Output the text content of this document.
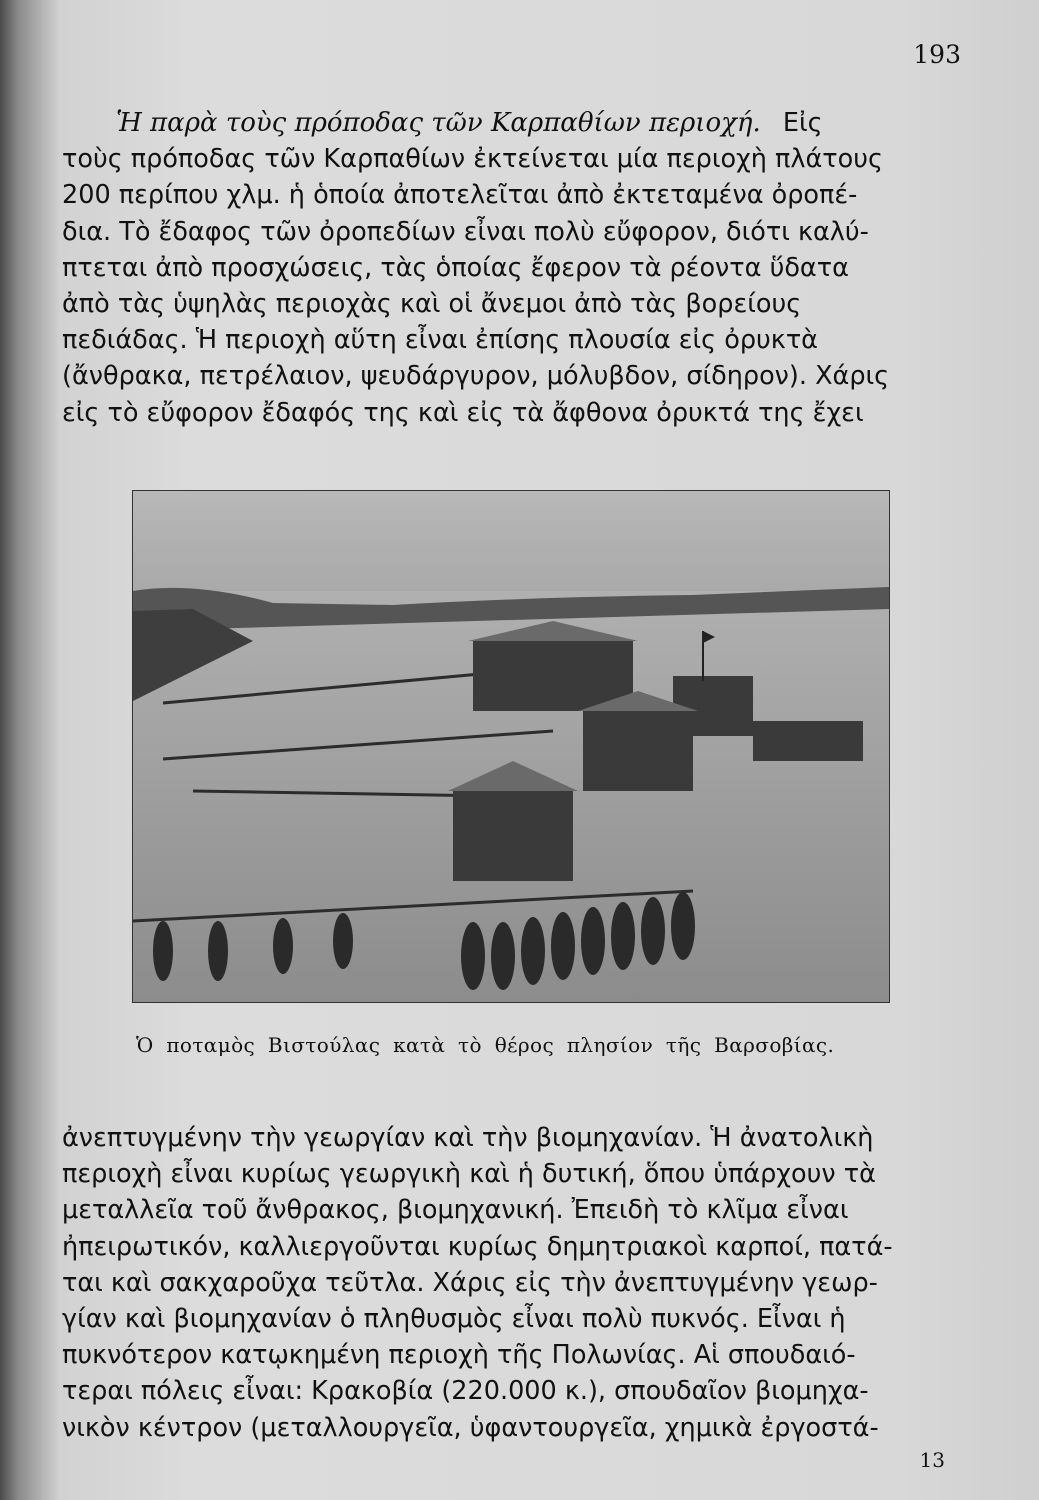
193
Ἡ παρὰ τοὺς πρόποδας τῶν Καρπαθίων περιοχή. Εἰς
τοὺς πρόποδας τῶν Καρπαθίων ἐκτείνεται μία περιοχὴ πλάτους
200 περίπου χλμ. ἡ ὁποία ἀποτελεῖται ἀπὸ ἐκτεταμένα ὀροπέ-
δια. Τὸ ἔδαφος τῶν ὀροπεδίων εἶναι πολὺ εὔφορον, διότι καλύ-
πτεται ἀπὸ προσχώσεις, τὰς ὁποίας ἔφερον τὰ ρέοντα ὕδατα
ἀπὸ τὰς ὑψηλὰς περιοχὰς καὶ οἱ ἄνεμοι ἀπὸ τὰς βορείους
πεδιάδας. Ἡ περιοχὴ αὕτη εἶναι ἐπίσης πλουσία εἰς ὀρυκτὰ
(ἄνθρακα, πετρέλαιον, ψευδάργυρον, μόλυβδον, σίδηρον). Χάρις
εἰς τὸ εὔφορον ἔδαφός της καὶ εἰς τὰ ἄφθονα ὀρυκτά της ἔχει
Ὁ ποταμὸς Βιστούλας κατὰ τὸ θέρος πλησίον τῆς Βαρσοβίας.
ἀνεπτυγμένην τὴν γεωργίαν καὶ τὴν βιομηχανίαν. Ἡ ἀνατολικὴ
περιοχὴ εἶναι κυρίως γεωργικὴ καὶ ἡ δυτική, ὅπου ὑπάρχουν τὰ
μεταλλεῖα τοῦ ἄνθρακος, βιομηχανική. Ἐπειδὴ τὸ κλῖμα εἶναι
ἠπειρωτικόν, καλλιεργοῦνται κυρίως δημητριακοὶ καρποί, πατά-
ται καὶ σακχαροῦχα τεῦτλα. Χάρις εἰς τὴν ἀνεπτυγμένην γεωρ-
γίαν καὶ βιομηχανίαν ὁ πληθυσμὸς εἶναι πολὺ πυκνός. Εἶναι ἡ
πυκνότερον κατῳκημένη περιοχὴ τῆς Πολωνίας. Αἱ σπουδαιό-
τεραι πόλεις εἶναι: Κρακοβία (220.000 κ.), σπουδαῖον βιομηχα-
νικὸν κέντρον (μεταλλουργεῖα, ὑφαντουργεῖα, χημικὰ ἐργοστά-
13
